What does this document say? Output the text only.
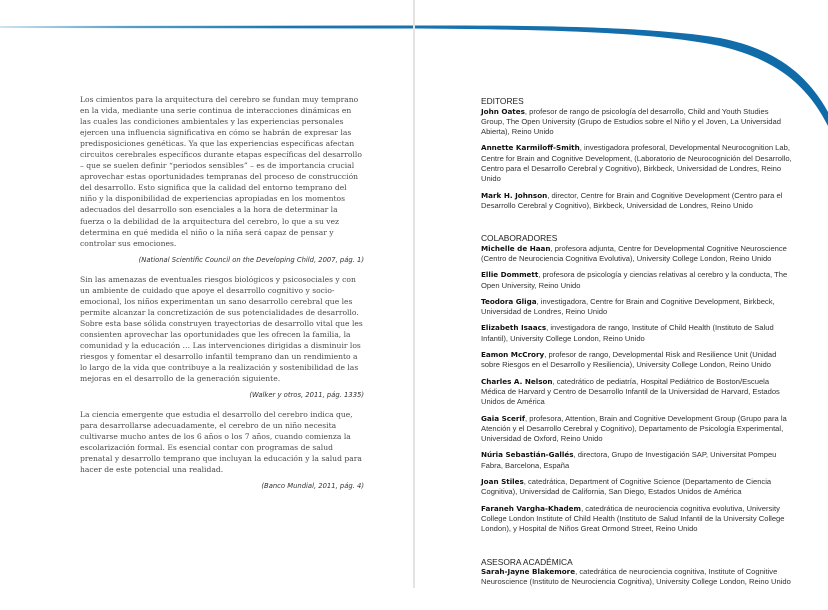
Los cimientos para la arquitectura del cerebro se fundan muy temprano en la vida, mediante una serie continua de interacciones dinámicas en las cuales las condiciones ambientales y las experiencias personales ejercen una influencia significativa en cómo se habrán de expresar las predisposiciones genéticas. Ya que las experiencias específicas afectan circuitos cerebrales específicos durante etapas específicas del desarrollo – que se suelen definir “periodos sensibles” – es de importancia crucial aprovechar estas oportunidades tempranas del proceso de construcción del desarrollo. Esto significa que la calidad del entorno temprano del niño y la disponibilidad de experiencias apropiadas en los momentos adecuados del desarrollo son esenciales a la hora de determinar la fuerza o la debilidad de la arquitectura del cerebro, lo que a su vez determina en qué medida el niño o la niña será capaz de pensar y controlar sus emociones.

(National Scientific Council on the Developing Child, 2007, pág. 1)

Sin las amenazas de eventuales riesgos biológicos y psicosociales y con un ambiente de cuidado que apoye el desarrollo cognitivo y socio-emocional, los niños experimentan un sano desarrollo cerebral que les permite alcanzar la concretización de sus potencialidades de desarrollo. Sobre esta base sólida construyen trayectorias de desarrollo vital que les consienten aprovechar las oportunidades que les ofrecen la familia, la comunidad y la educación … Las intervenciones dirigidas a disminuir los riesgos y fomentar el desarrollo infantil temprano dan un rendimiento a lo largo de la vida que contribuye a la realización y sostenibilidad de las mejoras en el desarrollo de la generación siguiente.

(Walker y otros, 2011, pág. 1335)

La ciencia emergente que estudia el desarrollo del cerebro indica que, para desarrollarse adecuadamente, el cerebro de un niño necesita cultivarse mucho antes de los 6 años o los 7 años, cuando comienza la escolarización formal. Es esencial contar con programas de salud prenatal y desarrollo temprano que incluyan la educación y la salud para hacer de este potencial una realidad.

(Banco Mundial, 2011, pág. 4)
EDITORES

John Oates, profesor de rango de psicología del desarrollo, Child and Youth Studies Group, The Open University (Grupo de Estudios sobre el Niño y el Joven, La Universidad Abierta), Reino Unido

Annette Karmiloff-Smith, investigadora profesoral, Developmental Neurocognition Lab, Centre for Brain and Cognitive Development, (Laboratorio de Neurocognición del Desarrollo, Centro para el Desarrollo Cerebral y Cognitivo), Birkbeck, Universidad de Londres, Reino Unido

Mark H. Johnson, director, Centre for Brain and Cognitive Development (Centro para el Desarrollo Cerebral y Cognitivo), Birkbeck, Universidad de Londres, Reino Unido

COLABORADORES

Michelle de Haan, profesora adjunta, Centre for Developmental Cognitive Neuroscience (Centro de Neurociencia Cognitiva Evolutiva), University College London, Reino Unido

Ellie Dommett, profesora de psicología y ciencias relativas al cerebro y la conducta, The Open University, Reino Unido

Teodora Gliga, investigadora, Centre for Brain and Cognitive Development, Birkbeck, Universidad de Londres, Reino Unido

Elizabeth Isaacs, investigadora de rango, Institute of Child Health (Instituto de Salud Infantil), University College London, Reino Unido

Eamon McCrory, profesor de rango, Developmental Risk and Resilience Unit (Unidad sobre Riesgos en el Desarrollo y Resiliencia), University College London, Reino Unido

Charles A. Nelson, catedrático de pediatría, Hospital Pediátrico de Boston/Escuela Médica de Harvard y Centro de Desarrollo Infantil de la Universidad de Harvard, Estados Unidos de América

Gaia Scerif, profesora, Attention, Brain and Cognitive Development Group (Grupo para la Atención y el Desarrollo Cerebral y Cognitivo), Departamento de Psicología Experimental, Universidad de Oxford, Reino Unido

Núria Sebastián-Gallés, directora, Grupo de Investigación SAP, Universitat Pompeu Fabra, Barcelona, España

Joan Stiles, catedrática, Department of Cognitive Science (Departamento de Ciencia Cognitiva), Universidad de California, San Diego, Estados Unidos de América

Faraneh Vargha-Khadem, catedrática de neurociencia cognitiva evolutiva, University College London Institute of Child Health (Instituto de Salud Infantil de la University College London), y Hospital de Niños Great Ormond Street, Reino Unido

ASESORA ACADÉMICA

Sarah-Jayne Blakemore, catedrática de neurociencia cognitiva, Institute of Cognitive Neuroscience (Instituto de Neurociencia Cognitiva), University College London, Reino Unido
